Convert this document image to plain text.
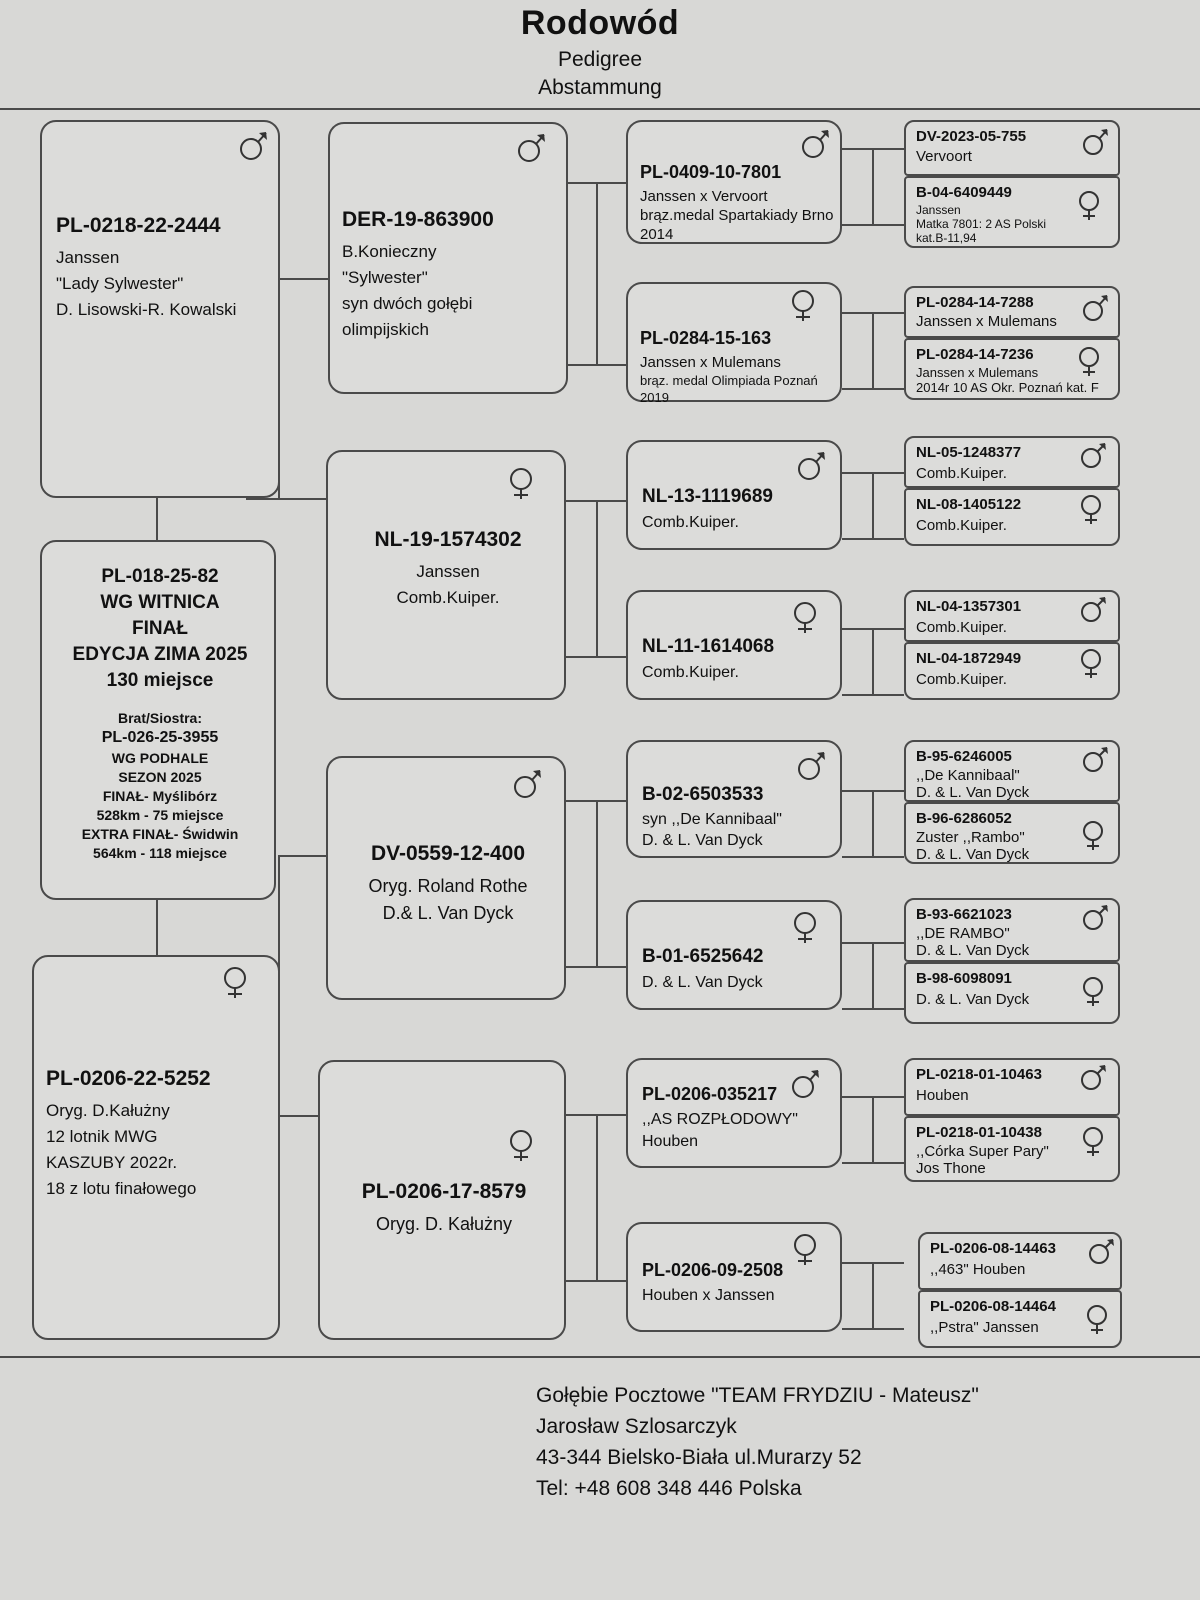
Rodowód
Pedigree
Abstammung
PL-0218-22-2444
Janssen
"Lady Sylwester"
D. Lisowski-R. Kowalski
PL-018-25-82
WG WITNICA
FINAŁ
EDYCJA ZIMA 2025
130 miejsce
Brat/Siostra:
PL-026-25-3955
WG PODHALE
SEZON 2025
FINAŁ- Myślibórz
528km - 75 miejsce
EXTRA FINAŁ- Świdwin
564km - 118 miejsce
PL-0206-22-5252
Oryg. D.Kałużny
12 lotnik MWG
KASZUBY 2022r.
18 z lotu finałowego
DER-19-863900
B.Konieczny
"Sylwester"
syn dwóch gołębi
olimpijskich
NL-19-1574302
Janssen
Comb.Kuiper.
DV-0559-12-400
Oryg. Roland Rothe
D.& L. Van Dyck
PL-0206-17-8579
Oryg. D. Kałużny
PL-0409-10-7801
Janssen x Vervoort
brąz.medal Spartakiady Brno
2014
PL-0284-15-163
Janssen x Mulemans
brąz. medal Olimpiada Poznań
2019
NL-13-1119689
Comb.Kuiper.
NL-11-1614068
Comb.Kuiper.
B-02-6503533
syn ,,De Kannibaal"
D. & L. Van Dyck
B-01-6525642
D. & L. Van Dyck
PL-0206-035217
,,AS ROZPŁODOWY"
Houben
PL-0206-09-2508
Houben x Janssen
DV-2023-05-755
Vervoort
B-04-6409449
Janssen
Matka 7801: 2 AS Polski
kat.B-11,94
PL-0284-14-7288
Janssen x Mulemans
PL-0284-14-7236
Janssen x Mulemans
2014r 10 AS Okr. Poznań kat. F
NL-05-1248377
Comb.Kuiper.
NL-08-1405122
Comb.Kuiper.
NL-04-1357301
Comb.Kuiper.
NL-04-1872949
Comb.Kuiper.
B-95-6246005
,,De Kannibaal"
D. & L. Van Dyck
B-96-6286052
Zuster ,,Rambo"
D. & L. Van Dyck
B-93-6621023
,,DE RAMBO"
D. & L. Van Dyck
B-98-6098091
D. & L. Van Dyck
PL-0218-01-10463
Houben
PL-0218-01-10438
,,Córka Super Pary"
Jos Thone
PL-0206-08-14463
,,463" Houben
PL-0206-08-14464
,,Pstra" Janssen
Gołębie Pocztowe "TEAM FRYDZIU - Mateusz"
Jarosław Szlosarczyk
43-344 Bielsko-Biała ul.Murarzy 52
Tel: +48 608 348 446 Polska
